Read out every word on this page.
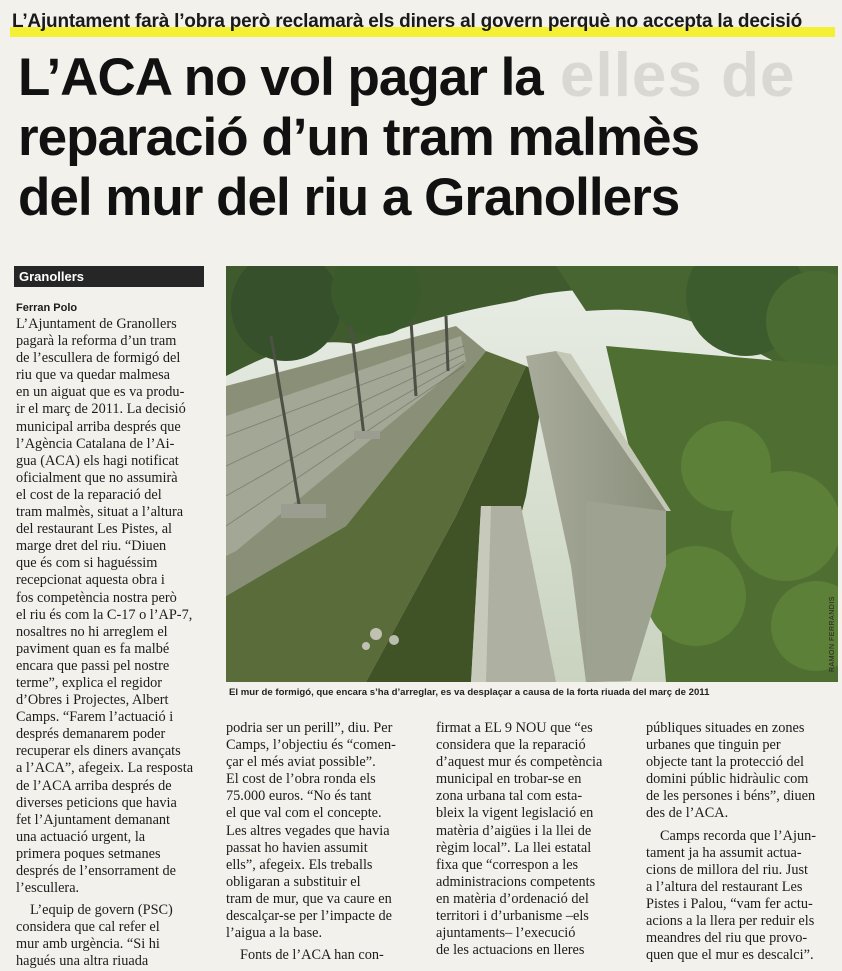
elles de
L’Ajuntament farà l’obra però reclamarà els diners al govern perquè no accepta la decisió
L’ACA no vol pagar la
reparació d’un tram malmès
del mur del riu a Granollers
Granollers
RAMON FERRANDIS
El mur de formigó, que encara s’ha d’arreglar, es va desplaçar a causa de la forta riuada del març de 2011
Ferran Polo
L’Ajuntament de Granollers
pagarà la reforma d’un tram
de l’escullera de formigó del
riu que va quedar malmesa
en un aiguat que es va produ-
ir el març de 2011. La decisió
municipal arriba després que
l’Agència Catalana de l’Ai-
gua (ACA) els hagi notificat
oficialment que no assumirà
el cost de la reparació del
tram malmès, situat a l’altura
del restaurant Les Pistes, al
marge dret del riu. “Diuen
que és com si haguéssim
recepcionat aquesta obra i
fos competència nostra però
el riu és com la C-17 o l’AP-7,
nosaltres no hi arreglem el
paviment quan es fa malbé
encara que passi pel nostre
terme”, explica el regidor
d’Obres i Projectes, Albert
Camps. “Farem l’actuació i
després demanarem poder
recuperar els diners avançats
a l’ACA”, afegeix. La resposta
de l’ACA arriba després de
diverses peticions que havia
fet l’Ajuntament demanant
una actuació urgent, la
primera poques setmanes
després de l’ensorrament de
l’escullera.
L’equip de govern (PSC)
considera que cal refer el
mur amb urgència. “Si hi
hagués una altra riuada
podria ser un perill”, diu. Per
Camps, l’objectiu és “comen-
çar el més aviat possible”.
El cost de l’obra ronda els
75.000 euros. “No és tant
el que val com el concepte.
Les altres vegades que havia
passat ho havien assumit
ells”, afegeix. Els treballs
obligaran a substituir el
tram de mur, que va caure en
descalçar-se per l’impacte de
l’aigua a la base.
Fonts de l’ACA han con-
firmat a EL 9 NOU que “es
considera que la reparació
d’aquest mur és competència
municipal en trobar-se en
zona urbana tal com esta-
bleix la vigent legislació en
matèria d’aigües i la llei de
règim local”. La llei estatal
fixa que “correspon a les
administracions competents
en matèria d’ordenació del
territori i d’urbanisme –els
ajuntaments– l’execució
de les actuacions en lleres
públiques situades en zones
urbanes que tinguin per
objecte tant la protecció del
domini públic hidràulic com
de les persones i béns”, diuen
des de l’ACA.
Camps recorda que l’Ajun-
tament ja ha assumit actua-
cions de millora del riu. Just
a l’altura del restaurant Les
Pistes i Palou, “vam fer actu-
acions a la llera per reduir els
meandres del riu que provo-
quen que el mur es descalci”.
